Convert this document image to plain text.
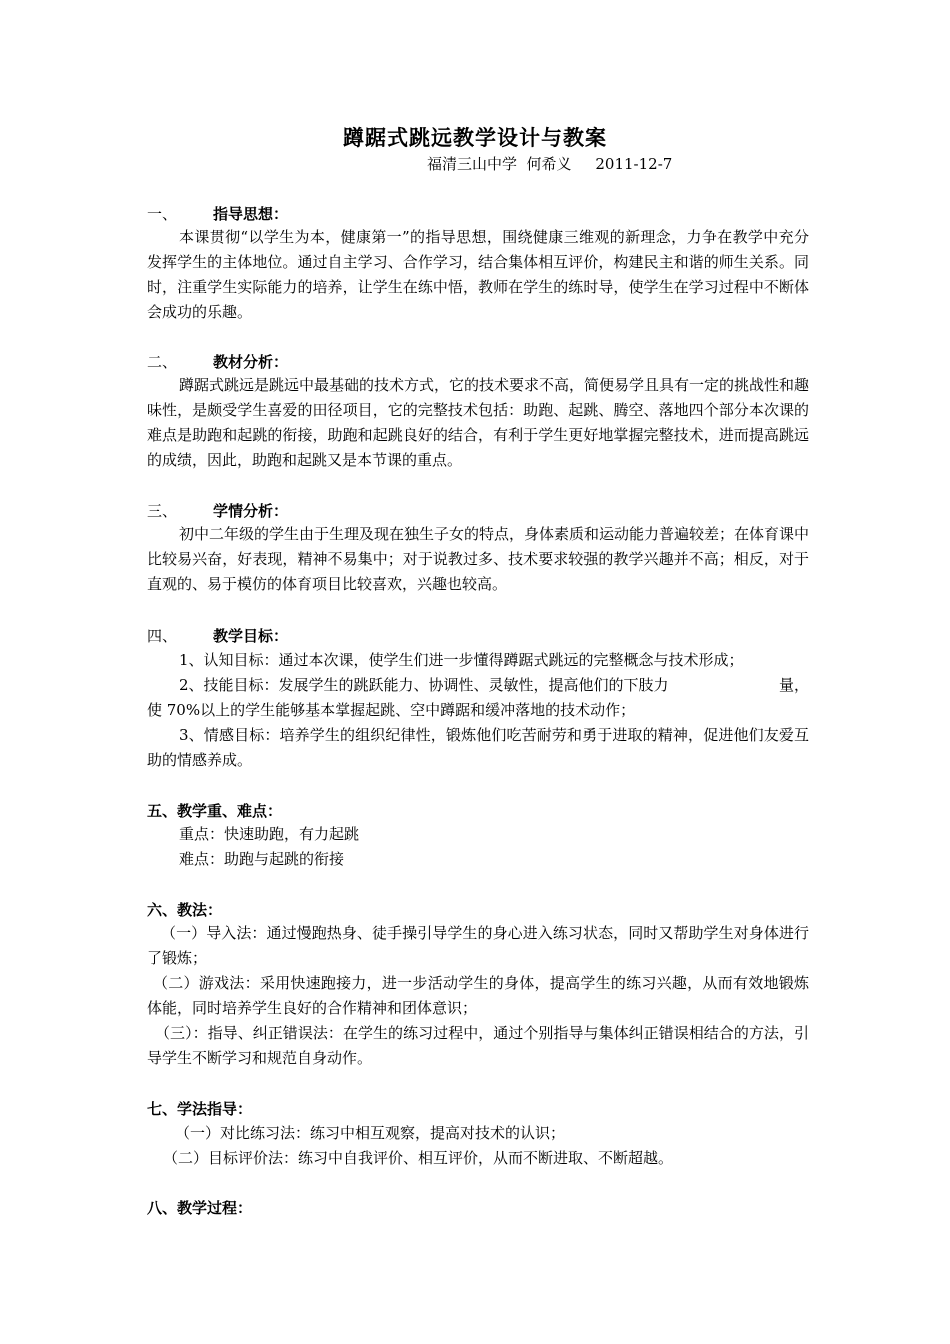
蹲踞式跳远教学设计与教案
福清三山中学  何希义     2011-12-7
一、 指导思想：
本课贯彻“以学生为本，健康第一”的指导思想，围绕健康三维观的新理念，力争在教学中充分发挥学生的主体地位。通过自主学习、合作学习，结合集体相互评价，构建民主和谐的师生关系。同时，注重学生实际能力的培养，让学生在练中悟，教师在学生的练时导，使学生在学习过程中不断体会成功的乐趣。
二、 教材分析：
蹲踞式跳远是跳远中最基础的技术方式，它的技术要求不高，简便易学且具有一定的挑战性和趣味性，是颇受学生喜爱的田径项目，它的完整技术包括：助跑、起跳、腾空、落地四个部分本次课的难点是助跑和起跳的衔接，助跑和起跳良好的结合，有利于学生更好地掌握完整技术，进而提高跳远的成绩，因此，助跑和起跳又是本节课的重点。
三、 学情分析：
初中二年级的学生由于生理及现在独生子女的特点，身体素质和运动能力普遍较差；在体育课中比较易兴奋，好表现，精神不易集中；对于说教过多、技术要求较强的教学兴趣并不高；相反，对于直观的、易于模仿的体育项目比较喜欢，兴趣也较高。
四、 教学目标：
1、认知目标：通过本次课，使学生们进一步懂得蹲踞式跳远的完整概念与技术形成；
2、技能目标：发展学生的跳跃能力、协调性、灵敏性，提高他们的下肢力	量，
使 70%以上的学生能够基本掌握起跳、空中蹲踞和缓冲落地的技术动作；
3、情感目标：培养学生的组织纪律性，锻炼他们吃苦耐劳和勇于进取的精神，促进他们友爱互助的情感养成。
五、教学重、难点：
重点：快速助跑，有力起跳
难点：助跑与起跳的衔接
六、教法：
（一）导入法：通过慢跑热身、徒手操引导学生的身心进入练习状态，同时又帮助学生对身体进行了锻炼；
（二）游戏法：采用快速跑接力，进一步活动学生的身体，提高学生的练习兴趣，从而有效地锻炼体能，同时培养学生良好的合作精神和团体意识；
（三）：指导、纠正错误法：在学生的练习过程中，通过个别指导与集体纠正错误相结合的方法，引导学生不断学习和规范自身动作。
七、学法指导：
（一）对比练习法：练习中相互观察，提高对技术的认识；
（二）目标评价法：练习中自我评价、相互评价，从而不断进取、不断超越。
八、教学过程：
